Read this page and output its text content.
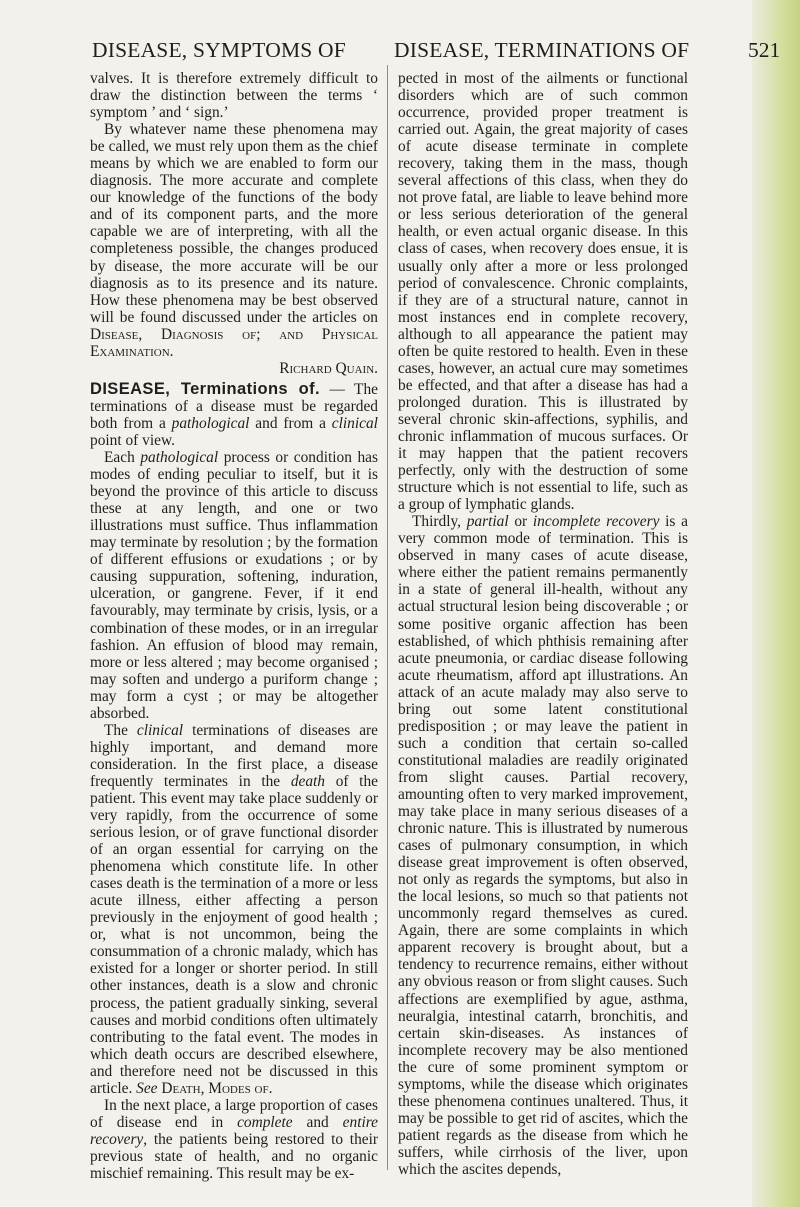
DISEASE, SYMPTOMS OF DISEASE, TERMINATIONS OF	521

valves. It is therefore extremely difficult to draw the distinction between the terms ‘ symptom ’ and ‘ sign.’

By whatever name these phenomena may be called, we must rely upon them as the chief means by which we are enabled to form our diagnosis. The more accurate and complete our knowledge of the functions of the body and of its component parts, and the more capable we are of interpreting, with all the completeness possible, the changes produced by disease, the more accurate will be our diagnosis as to its presence and its nature. How these phenomena may be best observed will be found discussed under the articles on Disease, Diagnosis of; and Physical Examination.
Richard Quain.

DISEASE, Terminations of. — The terminations of a disease must be regarded both from a pathological and from a clinical point of view.

Each pathological process or condition has modes of ending peculiar to itself, but it is beyond the province of this article to discuss these at any length, and one or two illustrations must suffice. Thus inflammation may terminate by resolution ; by the formation of different effusions or exudations ; or by causing suppuration, softening, induration, ulceration, or gangrene. Fever, if it end favourably, may terminate by crisis, lysis, or a combination of these modes, or in an irregular fashion. An effusion of blood may remain, more or less altered ; may become organised ; may soften and undergo a puriform change ; may form a cyst ; or may be altogether absorbed.

The clinical terminations of diseases are highly important, and demand more consideration. In the first place, a disease frequently terminates in the death of the patient. This event may take place suddenly or very rapidly, from the occurrence of some serious lesion, or of grave functional disorder of an organ essential for carrying on the phenomena which constitute life. In other cases death is the termination of a more or less acute illness, either affecting a person previously in the enjoyment of good health ; or, what is not uncommon, being the consummation of a chronic malady, which has existed for a longer or shorter period. In still other instances, death is a slow and chronic process, the patient gradually sinking, several causes and morbid conditions often ultimately contributing to the fatal event. The modes in which death occurs are described elsewhere, and therefore need not be discussed in this article. See Death, Modes of.

In the next place, a large proportion of cases of disease end in complete and entire recovery, the patients being restored to their previous state of health, and no organic mischief remaining. This result may be ex-

pected in most of the ailments or functional disorders which are of such common occurrence, provided proper treatment is carried out. Again, the great majority of cases of acute disease terminate in complete recovery, taking them in the mass, though several affections of this class, when they do not prove fatal, are liable to leave behind more or less serious deterioration of the general health, or even actual organic disease. In this class of cases, when recovery does ensue, it is usually only after a more or less prolonged period of convalescence. Chronic complaints, if they are of a structural nature, cannot in most instances end in complete recovery, although to all appearance the patient may often be quite restored to health. Even in these cases, however, an actual cure may sometimes be effected, and that after a disease has had a prolonged duration. This is illustrated by several chronic skin-affections, syphilis, and chronic inflammation of mucous surfaces. Or it may happen that the patient recovers perfectly, only with the destruction of some structure which is not essential to life, such as a group of lymphatic glands.

Thirdly, partial or incomplete recovery is a very common mode of termination. This is observed in many cases of acute disease, where either the patient remains permanently in a state of general ill-health, without any actual structural lesion being discoverable ; or some positive organic affection has been established, of which phthisis remaining after acute pneumonia, or cardiac disease following acute rheumatism, afford apt illustrations. An attack of an acute malady may also serve to bring out some latent constitutional predisposition ; or may leave the patient in such a condition that certain so-called constitutional maladies are readily originated from slight causes. Partial recovery, amounting often to very marked improvement, may take place in many serious diseases of a chronic nature. This is illustrated by numerous cases of pulmonary consumption, in which disease great improvement is often observed, not only as regards the symptoms, but also in the local lesions, so much so that patients not uncommonly regard themselves as cured. Again, there are some complaints in which apparent recovery is brought about, but a tendency to recurrence remains, either without any obvious reason or from slight causes. Such affections are exemplified by ague, asthma, neuralgia, intestinal catarrh, bronchitis, and certain skin-diseases. As instances of incomplete recovery may be also mentioned the cure of some prominent symptom or symptoms, while the disease which originates these phenomena continues unaltered. Thus, it may be possible to get rid of ascites, which the patient regards as the disease from which he suffers, while cirrhosis of the liver, upon which the ascites depends,
